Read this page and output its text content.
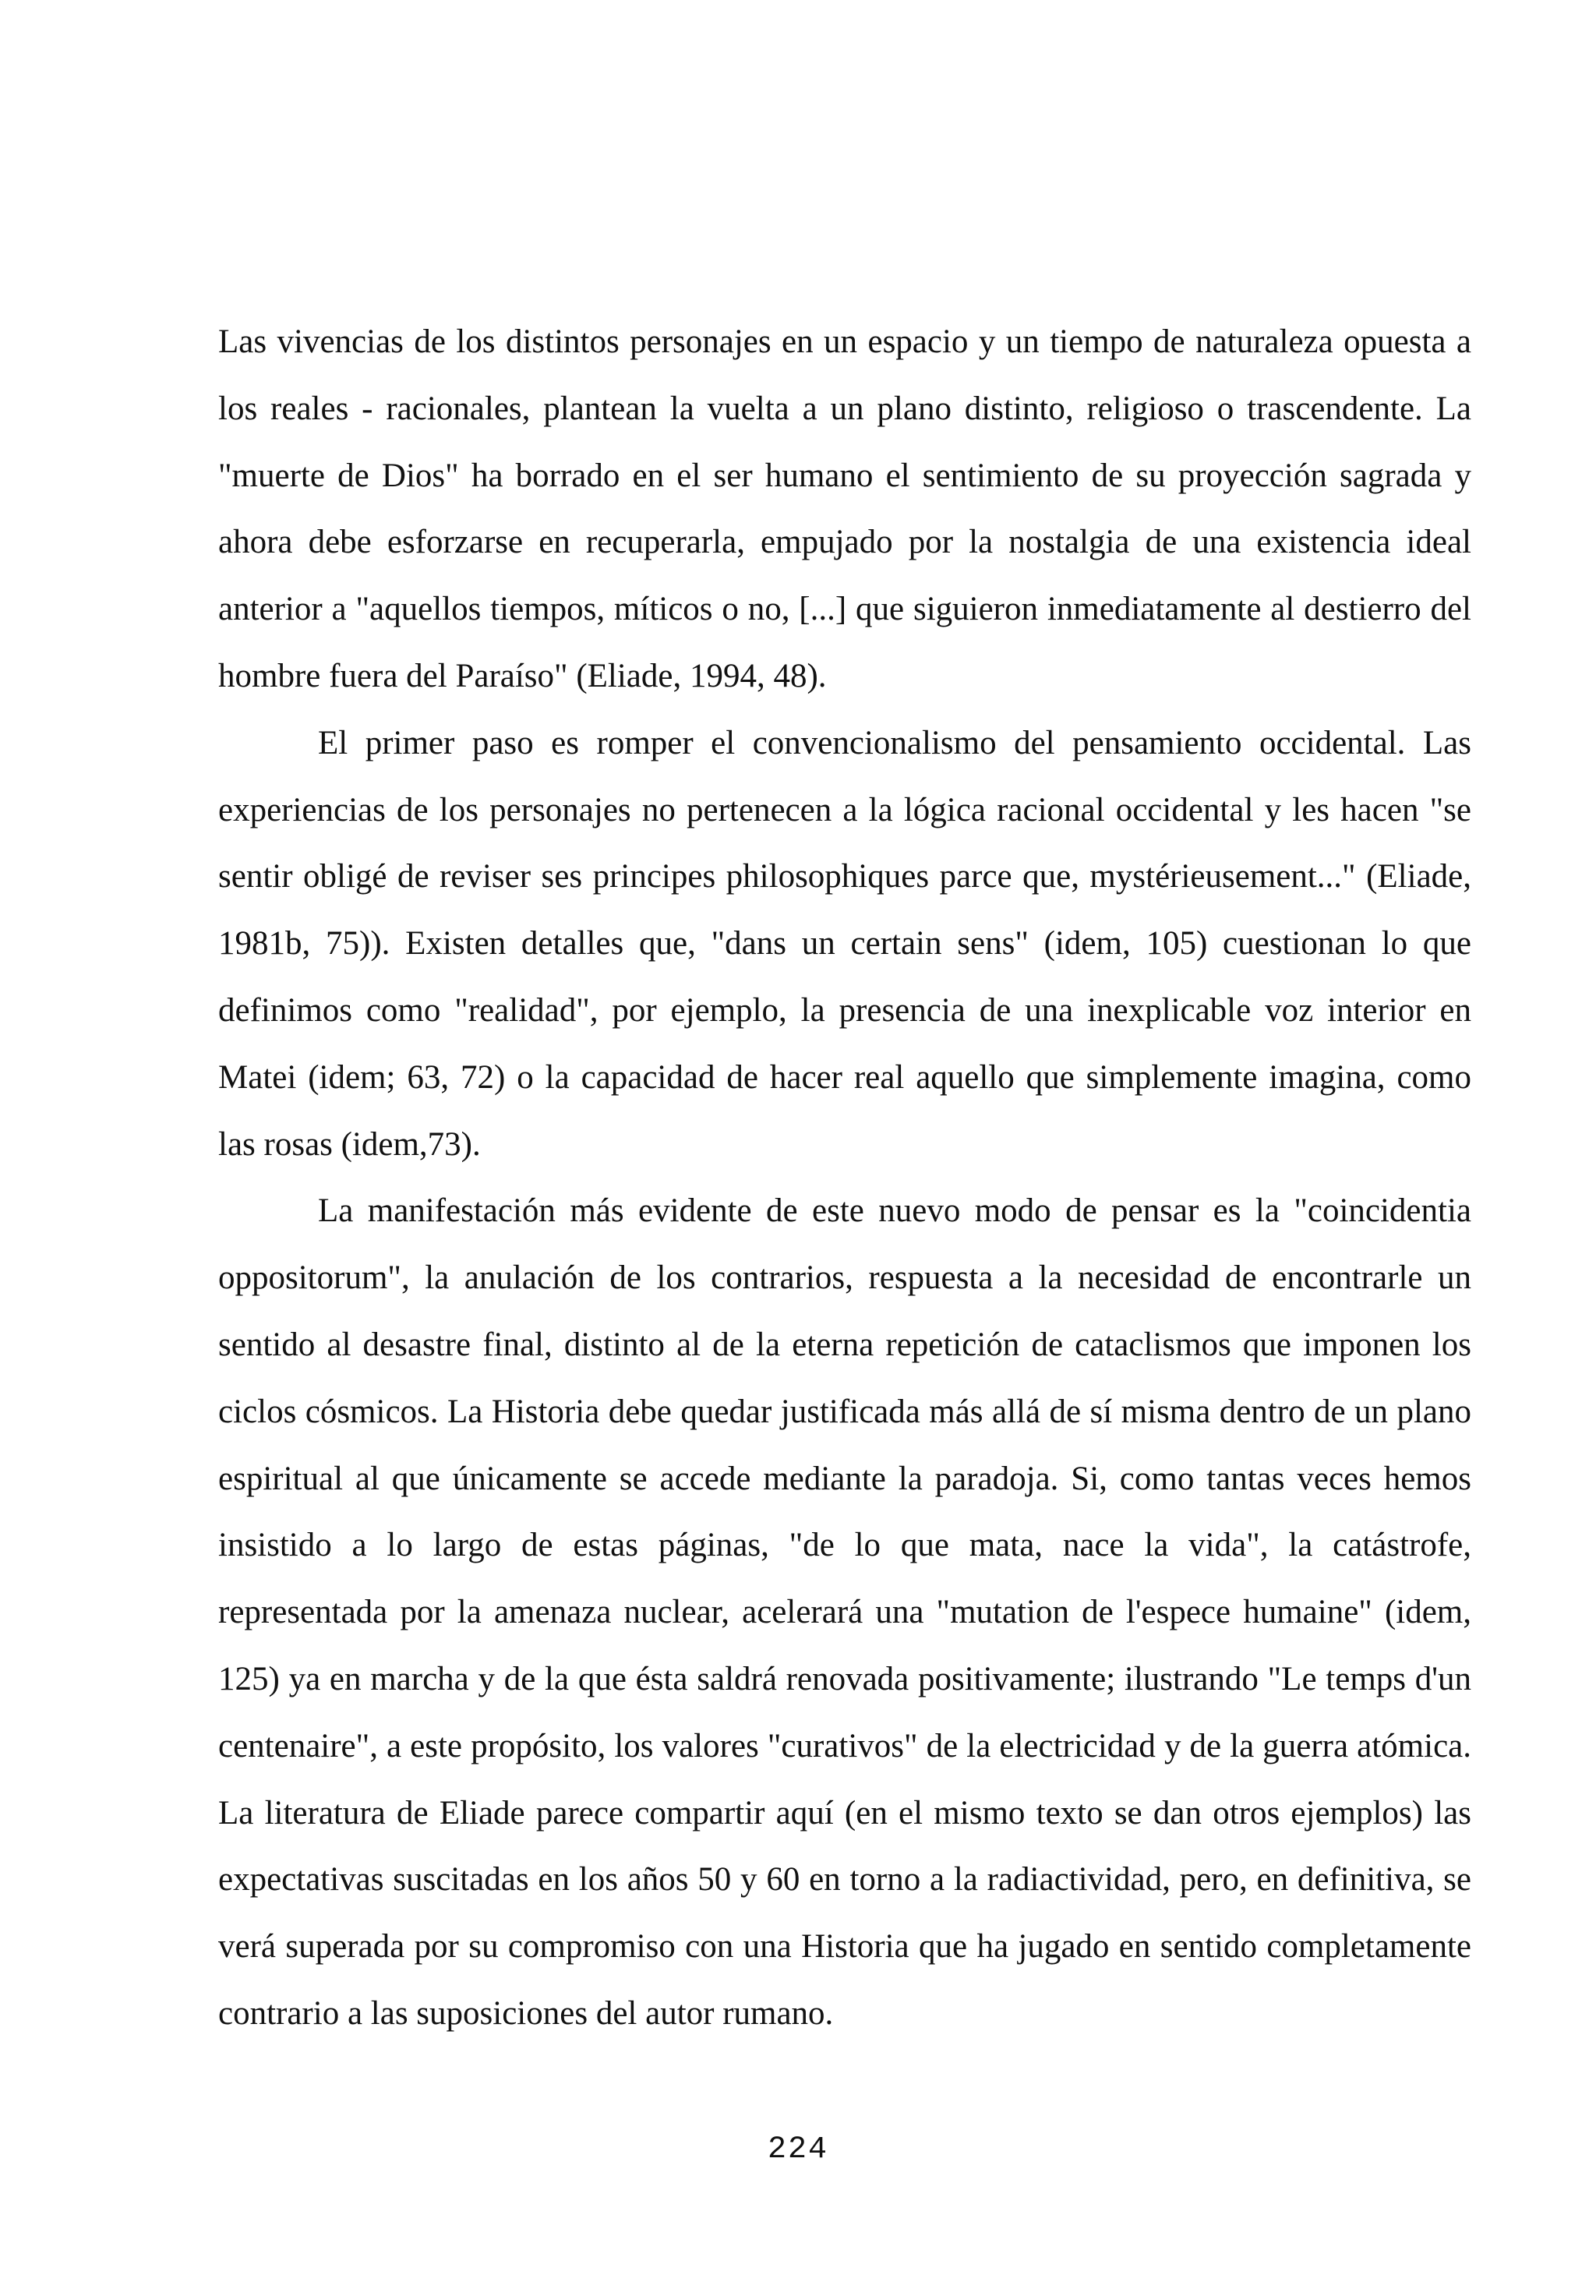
Las vivencias de los distintos personajes en un espacio y un tiempo de naturaleza opuesta a los reales - racionales, plantean la vuelta a un plano distinto, religioso o trascendente. La "muerte de Dios" ha borrado en el ser humano el sentimiento de su proyección sagrada y ahora debe esforzarse en recuperarla, empujado por la nostalgia de una existencia ideal anterior a "aquellos tiempos, míticos o no, [...] que siguieron inmediatamente al destierro del hombre fuera del Paraíso" (Eliade, 1994, 48).

El primer paso es romper el convencionalismo del pensamiento occidental. Las experiencias de los personajes no pertenecen a la lógica racional occidental y les hacen "se sentir obligé de reviser ses principes philosophiques parce que, mystérieusement..." (Eliade, 1981b, 75)). Existen detalles que, "dans un certain sens" (idem, 105) cuestionan lo que definimos como "realidad", por ejemplo, la presencia de una inexplicable voz interior en Matei (idem; 63, 72) o la capacidad de hacer real aquello que simplemente imagina, como las rosas (idem,73).

La manifestación más evidente de este nuevo modo de pensar es la "coincidentia oppositorum", la anulación de los contrarios, respuesta a la necesidad de encontrarle un sentido al desastre final, distinto al de la eterna repetición de cataclismos que imponen los ciclos cósmicos. La Historia debe quedar justificada más allá de sí misma dentro de un plano espiritual al que únicamente se accede mediante la paradoja. Si, como tantas veces hemos insistido a lo largo de estas páginas, "de lo que mata, nace la vida", la catástrofe, representada por la amenaza nuclear, acelerará una "mutation de l'espece humaine" (idem, 125) ya en marcha y de la que ésta saldrá renovada positivamente; ilustrando "Le temps d'un centenaire", a este propósito, los valores "curativos" de la electricidad y de la guerra atómica. La literatura de Eliade parece compartir aquí (en el mismo texto se dan otros ejemplos) las expectativas suscitadas en los años 50 y 60 en torno a la radiactividad, pero, en definitiva, se verá superada por su compromiso con una Historia que ha jugado en sentido completamente contrario a las suposiciones del autor rumano.

224
